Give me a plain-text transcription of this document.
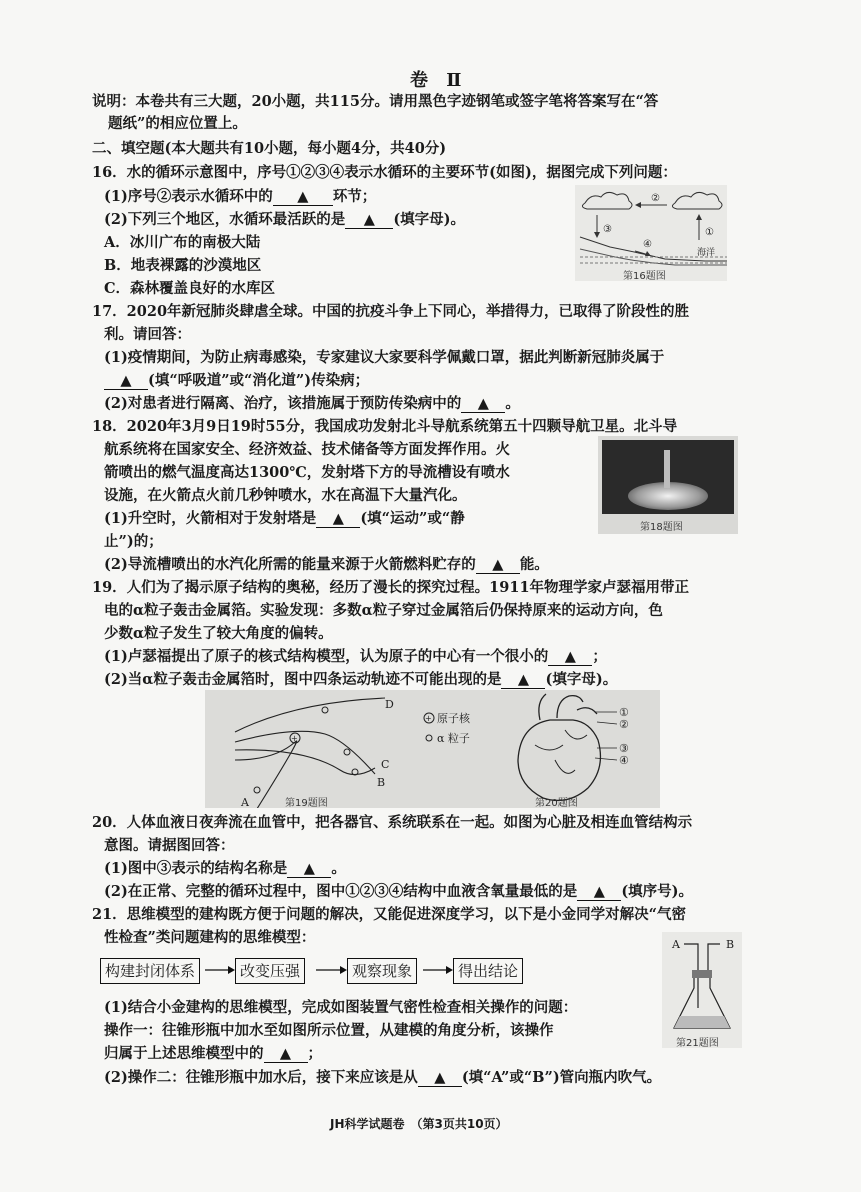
卷 Ⅱ
说明：本卷共有三大题，20小题，共115分。请用黑色字迹钢笔或签字笔将答案写在“答
题纸”的相应位置上。
二、填空题(本大题共有10小题，每小题4分，共40分)
16．水的循环示意图中，序号①②③④表示水循环的主要环节(如图)，据图完成下列问题：
(1)序号②表示水循环中的 ▲ 环节；
(2)下列三个地区，水循环最活跃的是 ▲ (填字母)。
A．冰川广布的南极大陆
B．地表裸露的沙漠地区
C．森林覆盖良好的水库区
③
②
①
④
海洋
第16题图
17．2020年新冠肺炎肆虐全球。中国的抗疫斗争上下同心，举措得力，已取得了阶段性的胜
利。请回答：
(1)疫情期间，为防止病毒感染，专家建议大家要科学佩戴口罩，据此判断新冠肺炎属于
▲ (填“呼吸道”或“消化道”)传染病；
(2)对患者进行隔离、治疗，该措施属于预防传染病中的 ▲ 。
18．2020年3月9日19时55分，我国成功发射北斗导航系统第五十四颗导航卫星。北斗导
航系统将在国家安全、经济效益、技术储备等方面发挥作用。火
箭喷出的燃气温度高达1300℃，发射塔下方的导流槽设有喷水
设施，在火箭点火前几秒钟喷水，水在高温下大量汽化。
(1)升空时，火箭相对于发射塔是 ▲ (填“运动”或“静
止”)的；
(2)导流槽喷出的水汽化所需的能量来源于火箭燃料贮存的 ▲ 能。
第18题图
19．人们为了揭示原子结构的奥秘，经历了漫长的探究过程。1911年物理学家卢瑟福用带正
电的α粒子轰击金属箔。实验发现：多数α粒子穿过金属箔后仍保持原来的运动方向，色
少数α粒子发生了较大角度的偏转。
(1)卢瑟福提出了原子的核式结构模型，认为原子的中心有一个很小的 ▲ ；
(2)当α粒子轰击金属箔时，图中四条运动轨迹不可能出现的是 ▲ (填字母)。
+
A
B
C
D
+ 原子核
α 粒子
①
②
③
④
第19题图	第20题图
20．人体血液日夜奔流在血管中，把各器官、系统联系在一起。如图为心脏及相连血管结构示
意图。请据图回答：
(1)图中③表示的结构名称是 ▲ 。
(2)在正常、完整的循环过程中，图中①②③④结构中血液含氧量最低的是 ▲ (填序号)。
21．思维模型的建构既方便于问题的解决，又能促进深度学习，以下是小金同学对解决“气密
性检查”类问题建构的思维模型：
构建封闭体系	改变压强	观察现象	得出结论
(1)结合小金建构的思维模型，完成如图装置气密性检查相关操作的问题：
操作一：往锥形瓶中加水至如图所示位置，从建模的角度分析，该操作
归属于上述思维模型中的 ▲ ；
(2)操作二：往锥形瓶中加水后，接下来应该是从 ▲ (填“A”或“B”)管向瓶内吹气。
A	B
第21题图
JH科学试题卷　（第3页共10页）
